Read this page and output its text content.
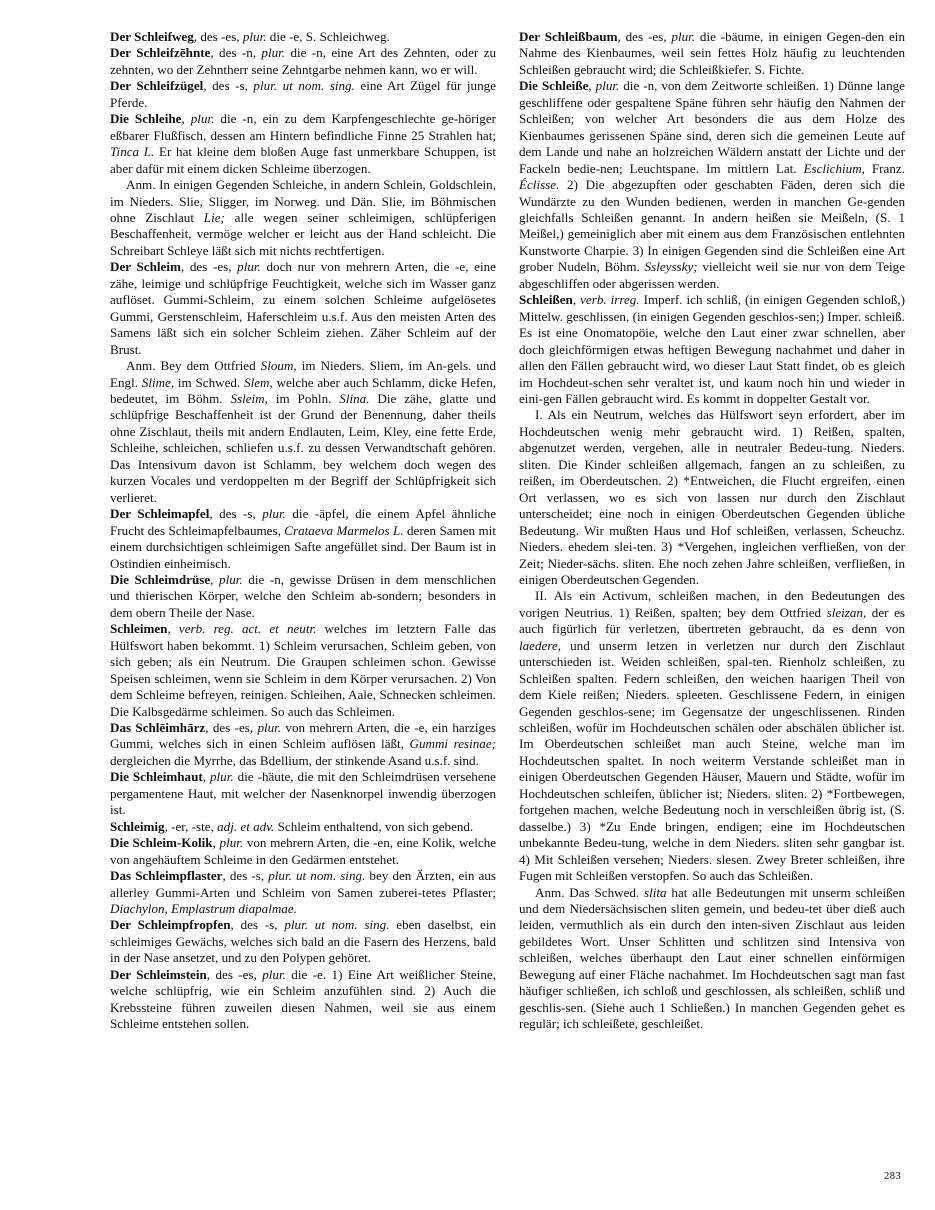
Der Schleifweg, des -es, plur. die -e, S. Schleichweg.

Der Schleifzēhnte, des -n, plur. die -n, eine Art des Zehnten, oder zu zehnten, wo der Zehntherr seine Zehntgarbe nehmen kann, wo er will.

Der Schleifzügel, des -s, plur. ut nom. sing. eine Art Zügel für junge Pferde.

Die Schleihe, plur. die -n, ein zu dem Karpfengeschlechte ge-höriger eßbarer Flußfisch, dessen am Hintern befindliche Finne 25 Strahlen hat; Tinca L. Er hat kleine dem bloßen Auge fast unmerkbare Schuppen, ist aber dafür mit einem dicken Schleime überzogen.

Anm. In einigen Gegenden Schleiche, in andern Schlein, Goldschlein, im Nieders. Slie, Sligger, im Norweg. und Dän. Slie, im Böhmischen ohne Zischlaut Lie; alle wegen seiner schleimigen, schlüpferigen Beschaffenheit, vermöge welcher er leicht aus der Hand schleicht. Die Schreibart Schleye läßt sich mit nichts rechtfertigen.

Der Schleim, des -es, plur. doch nur von mehrern Arten, die -e, eine zähe, leimige und schlüpfrige Feuchtigkeit, welche sich im Wasser ganz auflöset. Gummi-Schleim, zu einem solchen Schleime aufgelösetes Gummi, Gerstenschleim, Haferschleim u.s.f. Aus den meisten Arten des Samens läßt sich ein solcher Schleim ziehen. Zäher Schleim auf der Brust.

Anm. Bey dem Ottfried Sloum, im Nieders. Sliem, im An-gels. und Engl. Slime, im Schwed. Slem, welche aber auch Schlamm, dicke Hefen, bedeutet, im Böhm. Ssleim, im Pohln. Slina. Die zähe, glatte und schlüpfrige Beschaffenheit ist der Grund der Benennung, daher theils ohne Zischlaut, theils mit andern Endlauten, Leim, Kley, eine fette Erde, Schleihe, schleichen, schliefen u.s.f. zu dessen Verwandtschaft gehören. Das Intensivum davon ist Schlamm, bey welchem doch wegen des kurzen Vocales und verdoppelten m der Begriff der Schlüpfrigkeit sich verlieret.

Der Schleimapfel, des -s, plur. die -äpfel, die einem Apfel ähnliche Frucht des Schleimapfelbaumes, Crataeva Marmelos L. deren Samen mit einem durchsichtigen schleimigen Safte angefüllet sind. Der Baum ist in Ostindien einheimisch.

Die Schleimdrüse, plur. die -n, gewisse Drüsen in dem menschlichen und thierischen Körper, welche den Schleim ab-sondern; besonders in dem obern Theile der Nase.

Schleimen, verb. reg. act. et neutr. welches im letztern Falle das Hülfswort haben bekommt. 1) Schleim verursachen, Schleim geben, von sich geben; als ein Neutrum. Die Graupen schleimen schon. Gewisse Speisen schleimen, wenn sie Schleim in dem Körper verursachen. 2) Von dem Schleime befreyen, reinigen. Schleihen, Aale, Schnecken schleimen. Die Kalbsgedärme schleimen. So auch das Schleimen.

Das Schlēimhārz, des -es, plur. von mehrern Arten, die -e, ein harziges Gummi, welches sich in einen Schleim auflösen läßt, Gummi resinae; dergleichen die Myrrhe, das Bdellium, der stinkende Asand u.s.f. sind.

Die Schleimhaut, plur. die -häute, die mit den Schleimdrüsen versehene pergamentene Haut, mit welcher der Nasenknorpel inwendig überzogen ist.

Schleimig, -er, -ste, adj. et adv. Schleim enthaltend, von sich gebend.

Die Schleim-Kolik, plur. von mehrern Arten, die -en, eine Kolik, welche von angehäuftem Schleime in den Gedärmen entstehet.

Das Schleimpflaster, des -s, plur. ut nom. sing. bey den Ärzten, ein aus allerley Gummi-Arten und Schleim von Samen zuberei-tetes Pflaster; Diachylon, Emplastrum diapalmae.

Der Schleimpfropfen, des -s, plur. ut nom. sing. eben daselbst, ein schleimiges Gewächs, welches sich bald an die Fasern des Herzens, bald in der Nase ansetzet, und zu den Polypen gehöret.

Der Schleimstein, des -es, plur. die -e. 1) Eine Art weißlicher Steine, welche schlüpfrig, wie ein Schleim anzufühlen sind. 2) Auch die Krebssteine führen zuweilen diesen Nahmen, weil sie aus einem Schleime entstehen sollen.

Der Schleißbaum, des -es, plur. die -bäume, in einigen Gegen-den ein Nahme des Kienbaumes, weil sein fettes Holz häufig zu leuchtenden Schleißen gebraucht wird; die Schleißkiefer. S. Fichte.

Die Schleiße, plur. die -n, von dem Zeitworte schleißen. 1) Dünne lange geschliffene oder gespaltene Späne führen sehr häufig den Nahmen der Schleißen; von welcher Art besonders die aus dem Holze des Kienbaumes gerissenen Späne sind, deren sich die gemeinen Leute auf dem Lande und nahe an holzreichen Wäldern anstatt der Lichte und der Fackeln bedie-nen; Leuchtspane. Im mittlern Lat. Esclichium, Franz. Éclisse. 2) Die abgezupften oder geschabten Fäden, deren sich die Wundärzte zu den Wunden bedienen, werden in manchen Ge-genden gleichfalls Schleißen genannt. In andern heißen sie Meißeln, (S. 1 Meißel,) gemeiniglich aber mit einem aus dem Französischen entlehnten Kunstworte Charpie. 3) In einigen Gegenden sind die Schleißen eine Art grober Nudeln, Böhm. Ssleyssky; vielleicht weil sie nur von dem Teige abgeschliffen oder abgerissen werden.

Schleißen, verb. irreg. Imperf. ich schliß, (in einigen Gegenden schloß,) Mittelw. geschlissen, (in einigen Gegenden geschlos-sen;) Imper. schleiß. Es ist eine Onomatopöie, welche den Laut einer zwar schnellen, aber doch gleichförmigen etwas heftigen Bewegung nachahmet und daher in allen den Fällen gebraucht wird, wo dieser Laut Statt findet, ob es gleich im Hochdeut-schen sehr veraltet ist, und kaum noch hin und wieder in eini-gen Fällen gebraucht wird. Es kommt in doppelter Gestalt vor.

I. Als ein Neutrum, welches das Hülfswort seyn erfordert, aber im Hochdeutschen wenig mehr gebraucht wird. 1) Reißen, spalten, abgenutzet werden, vergehen, alle in neutraler Bedeu-tung. Nieders. sliten. Die Kinder schleißen allgemach, fangen an zu schleißen, zu reißen, im Oberdeutschen. 2) *Entweichen, die Flucht ergreifen, einen Ort verlassen, wo es sich von lassen nur durch den Zischlaut unterscheidet; eine noch in einigen Oberdeutschen Gegenden übliche Bedeutung. Wir mußten Haus und Hof schleißen, verlassen, Scheuchz. Nieders. ehedem slei-ten. 3) *Vergehen, ingleichen verfließen, von der Zeit; Nieder-sächs. sliten. Ehe noch zehen Jahre schleißen, verfließen, in einigen Oberdeutschen Gegenden.

II. Als ein Activum, schleißen machen, in den Bedeutungen des vorigen Neutrius. 1) Reißen, spalten; bey dem Ottfried sleizan, der es auch figürlich für verletzen, übertreten gebraucht, da es denn von laedere, und unserm letzen in verletzen nur durch den Zischlaut unterschieden ist. Weiden schleißen, spal-ten. Rienholz schleißen, zu Schleißen spalten. Federn schleißen, den weichen haarigen Theil von dem Kiele reißen; Nieders. spleeten. Geschlissene Federn, in einigen Gegenden geschlos-sene; im Gegensatze der ungeschlissenen. Rinden schleißen, wofür im Hochdeutschen schälen oder abschälen üblicher ist. Im Oberdeutschen schleißet man auch Steine, welche man im Hochdeutschen spaltet. In noch weiterm Verstande schleißet man in einigen Oberdeutschen Gegenden Häuser, Mauern und Städte, wofür im Hochdeutschen schleifen, üblicher ist; Nieders. sliten. 2) *Fortbewegen, fortgehen machen, welche Bedeutung noch in verschleißen übrig ist, (S. dasselbe.) 3) *Zu Ende bringen, endigen; eine im Hochdeutschen unbekannte Bedeu-tung, welche in dem Nieders. sliten sehr gangbar ist. 4) Mit Schleißen versehen; Nieders. slesen. Zwey Breter schleißen, ihre Fugen mit Schleißen verstopfen. So auch das Schleißen.

Anm. Das Schwed. slita hat alle Bedeutungen mit unserm schleißen und dem Niedersächsischen sliten gemein, und bedeu-tet über dieß auch leiden, vermuthlich als ein durch den inten-siven Zischlaut aus leiden gebildetes Wort. Unser Schlitten und schlitzen sind Intensiva von schleißen, welches überhaupt den Laut einer schnellen einförmigen Bewegung auf einer Fläche nachahmet. Im Hochdeutschen sagt man fast häufiger schließen, ich schloß und geschlossen, als schleißen, schliß und geschlis-sen. (Siehe auch 1 Schließen.) In manchen Gegenden gehet es regulär; ich schleißete, geschleißet.

283
